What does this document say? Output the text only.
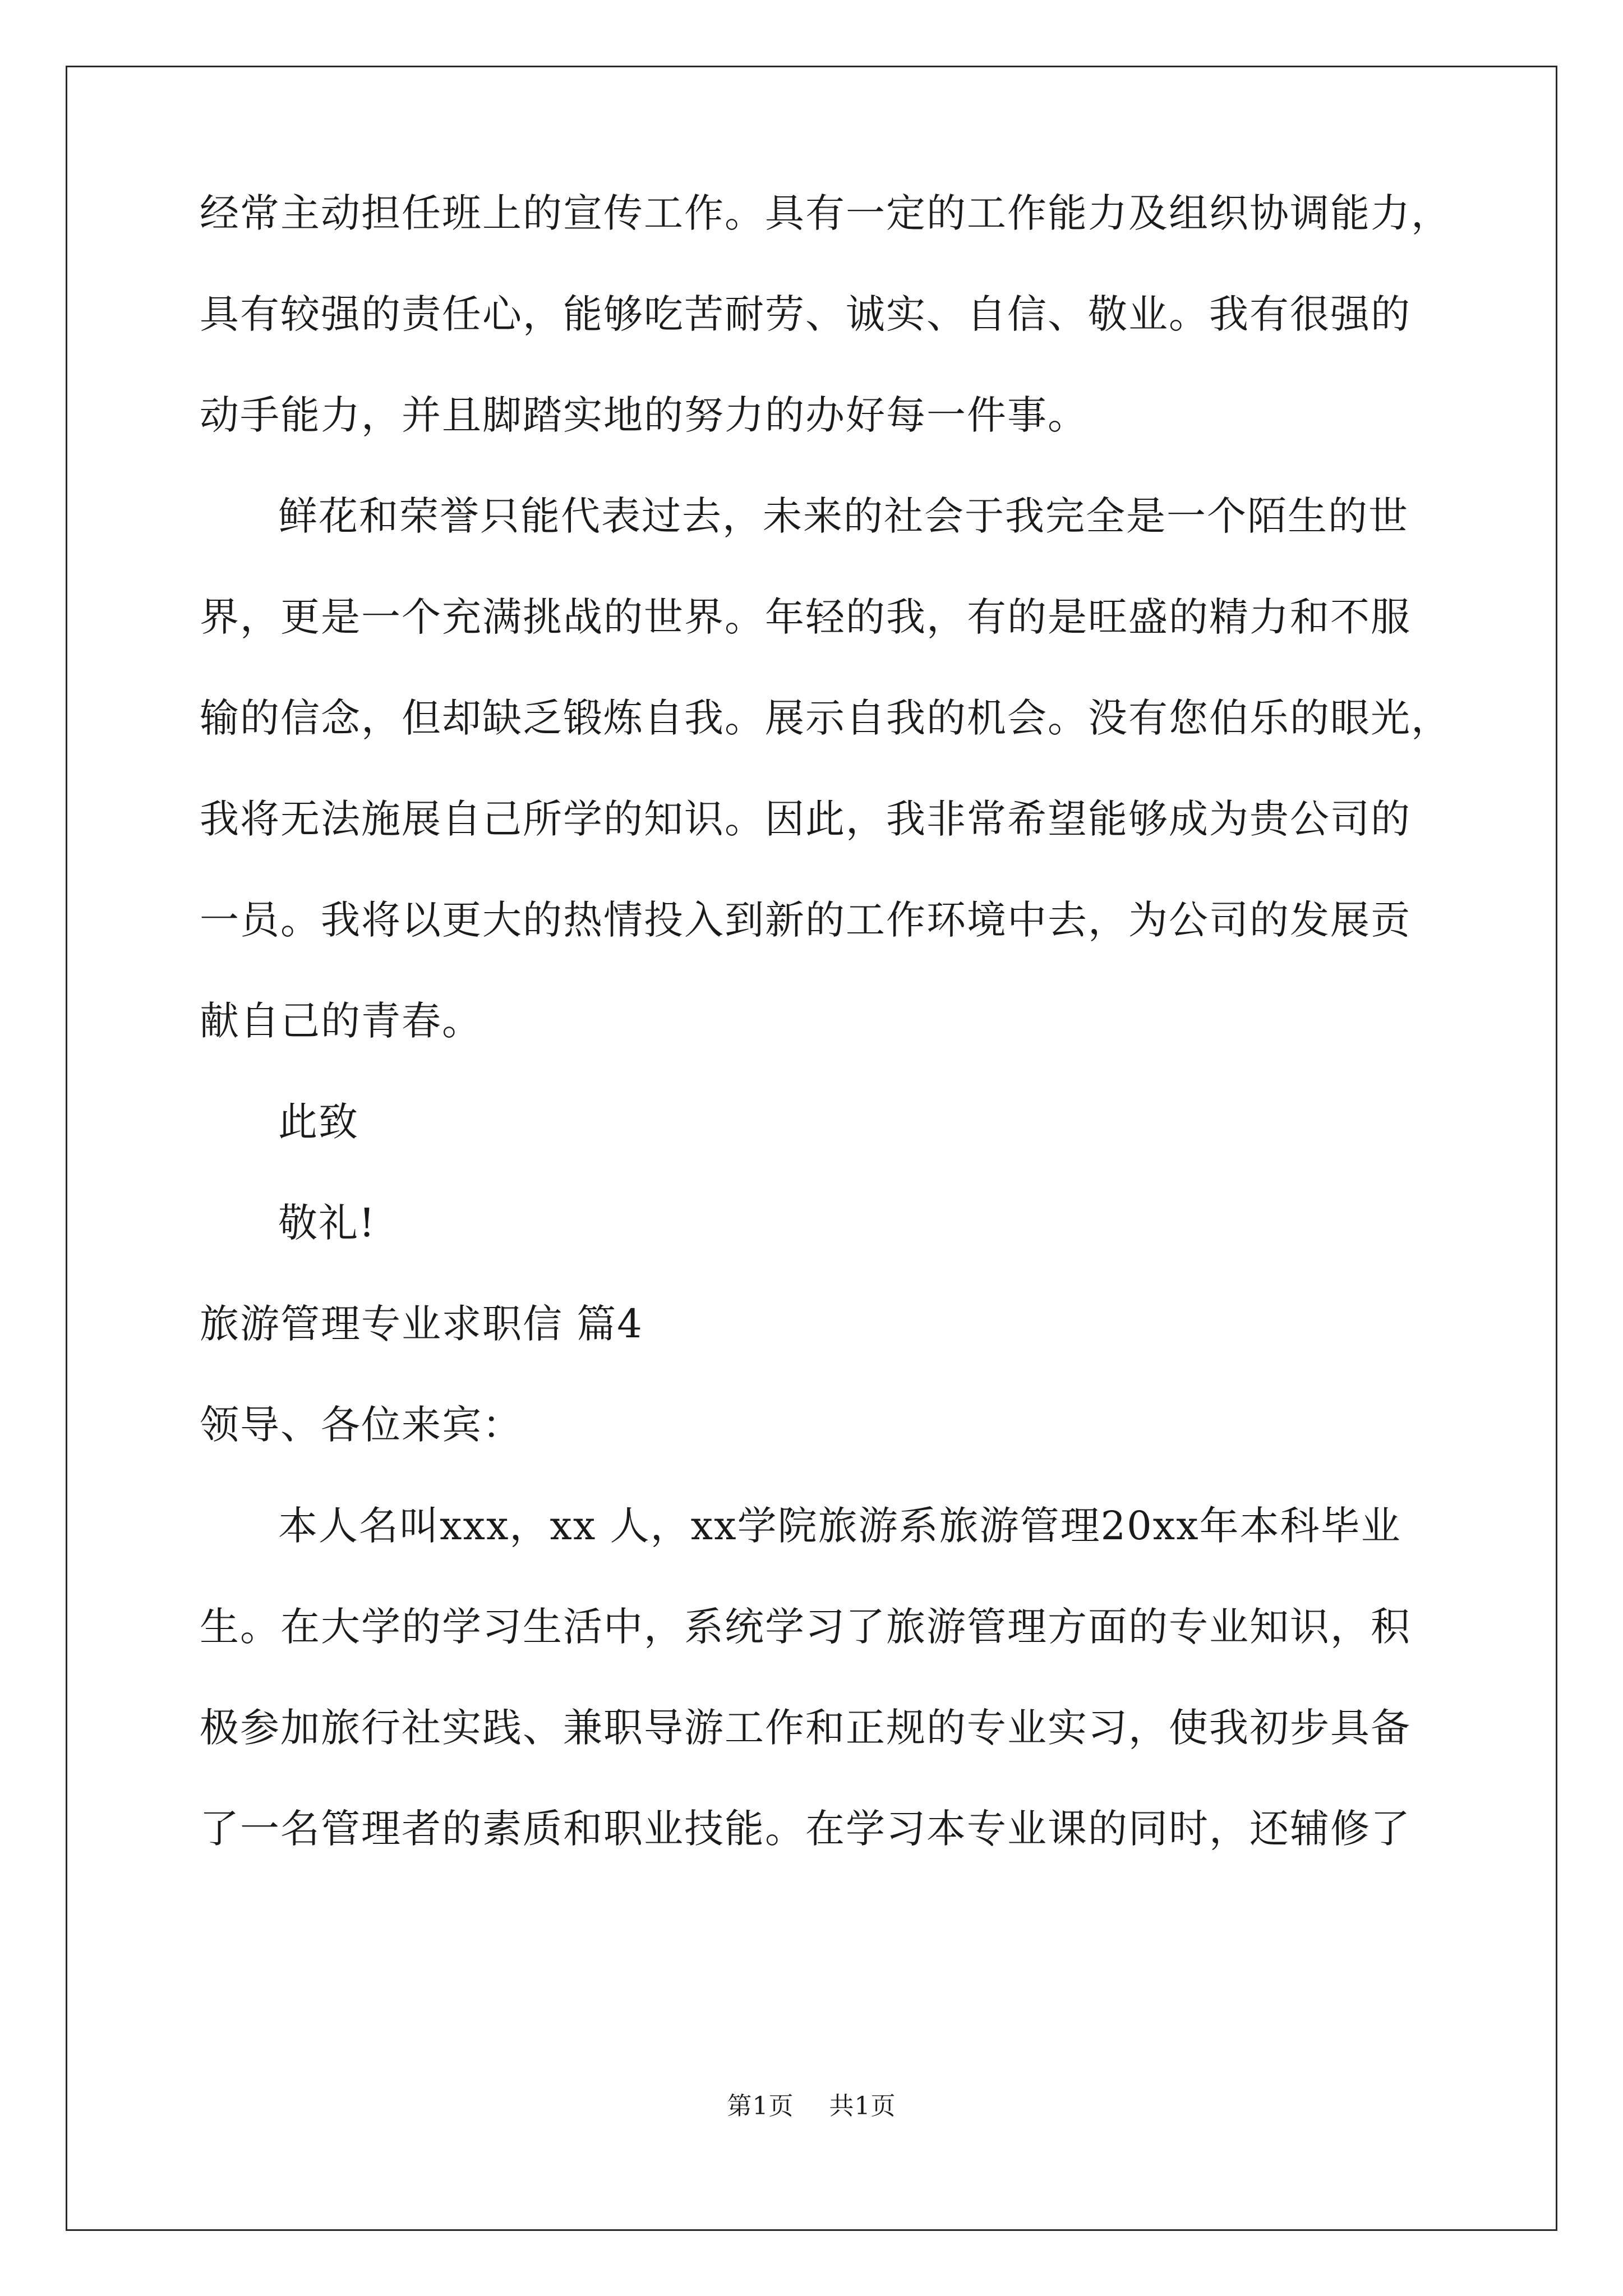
经常主动担任班上的宣传工作。具有一定的工作能力及组织协调能力，
具有较强的责任心，能够吃苦耐劳、诚实、自信、敬业。我有很强的
动手能力，并且脚踏实地的努力的办好每一件事。
鲜花和荣誉只能代表过去，未来的社会于我完全是一个陌生的世
界，更是一个充满挑战的世界。年轻的我，有的是旺盛的精力和不服
输的信念，但却缺乏锻炼自我。展示自我的机会。没有您伯乐的眼光，
我将无法施展自己所学的知识。因此，我非常希望能够成为贵公司的
一员。我将以更大的热情投入到新的工作环境中去，为公司的发展贡
献自己的青春。
此致
敬礼!
旅游管理专业求职信 篇4
领导、各位来宾：
本人名叫xxx，xx 人，xx学院旅游系旅游管理20xx年本科毕业
生。在大学的学习生活中，系统学习了旅游管理方面的专业知识，积
极参加旅行社实践、兼职导游工作和正规的专业实习，使我初步具备
了一名管理者的素质和职业技能。在学习本专业课的同时，还辅修了
第1页 共1页
